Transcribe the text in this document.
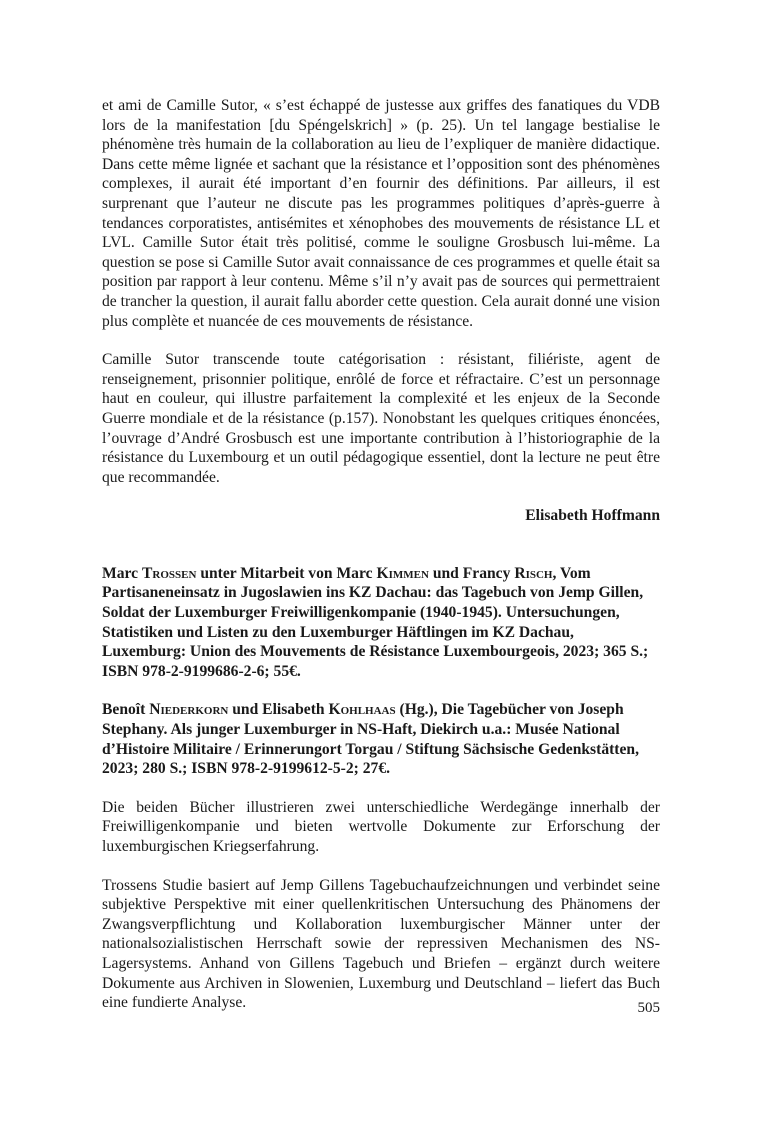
et ami de Camille Sutor, « s’est échappé de justesse aux griffes des fanatiques du VDB lors de la manifestation [du Spéngelskrich] » (p. 25). Un tel langage bestialise le phénomène très humain de la collaboration au lieu de l’expliquer de manière didactique. Dans cette même lignée et sachant que la résistance et l’opposition sont des phénomènes complexes, il aurait été important d’en fournir des définitions. Par ailleurs, il est surprenant que l’auteur ne discute pas les programmes politiques d’après-guerre à tendances corporatistes, antisémites et xénophobes des mouvements de résistance LL et LVL. Camille Sutor était très politisé, comme le souligne Grosbusch lui-même. La question se pose si Camille Sutor avait connaissance de ces programmes et quelle était sa position par rapport à leur contenu. Même s’il n’y avait pas de sources qui permettraient de trancher la question, il aurait fallu aborder cette question. Cela aurait donné une vision plus complète et nuancée de ces mouvements de résistance.

Camille Sutor transcende toute catégorisation : résistant, filiériste, agent de renseignement, prisonnier politique, enrôlé de force et réfractaire. C’est un personnage haut en couleur, qui illustre parfaitement la complexité et les enjeux de la Seconde Guerre mondiale et de la résistance (p.157). Nonobstant les quelques critiques énoncées, l’ouvrage d’André Grosbusch est une importante contribution à l’historiographie de la résistance du Luxembourg et un outil pédagogique essentiel, dont la lecture ne peut être que recommandée.

Elisabeth Hoffmann

Marc Trossen unter Mitarbeit von Marc Kimmen und Francy Risch, Vom Partisaneneinsatz in Jugoslawien ins KZ Dachau: das Tagebuch von Jemp Gillen, Soldat der Luxemburger Freiwilligenkompanie (1940-1945). Untersuchungen, Statistiken und Listen zu den Luxemburger Häftlingen im KZ Dachau, Luxemburg: Union des Mouvements de Résistance Luxembourgeois, 2023; 365 S.; ISBN 978-2-9199686-2-6; 55€.

Benoît Niederkorn und Elisabeth Kohlhaas (Hg.), Die Tagebücher von Joseph Stephany. Als junger Luxemburger in NS-Haft, Diekirch u.a.: Musée National d’Histoire Militaire / Erinnerungort Torgau / Stiftung Sächsische Gedenkstätten, 2023; 280 S.; ISBN 978-2-9199612-5-2; 27€.

Die beiden Bücher illustrieren zwei unterschiedliche Werdegänge innerhalb der Freiwilligenkompanie und bieten wertvolle Dokumente zur Erforschung der luxemburgischen Kriegserfahrung.

Trossens Studie basiert auf Jemp Gillens Tagebuchaufzeichnungen und verbindet seine subjektive Perspektive mit einer quellenkritischen Untersuchung des Phänomens der Zwangsverpflichtung und Kollaboration luxemburgischer Männer unter der nationalsozialistischen Herrschaft sowie der repressiven Mechanismen des NS-Lagersystems. Anhand von Gillens Tagebuch und Briefen – ergänzt durch weitere Dokumente aus Archiven in Slowenien, Luxemburg und Deutschland – liefert das Buch eine fundierte Analyse.	505
